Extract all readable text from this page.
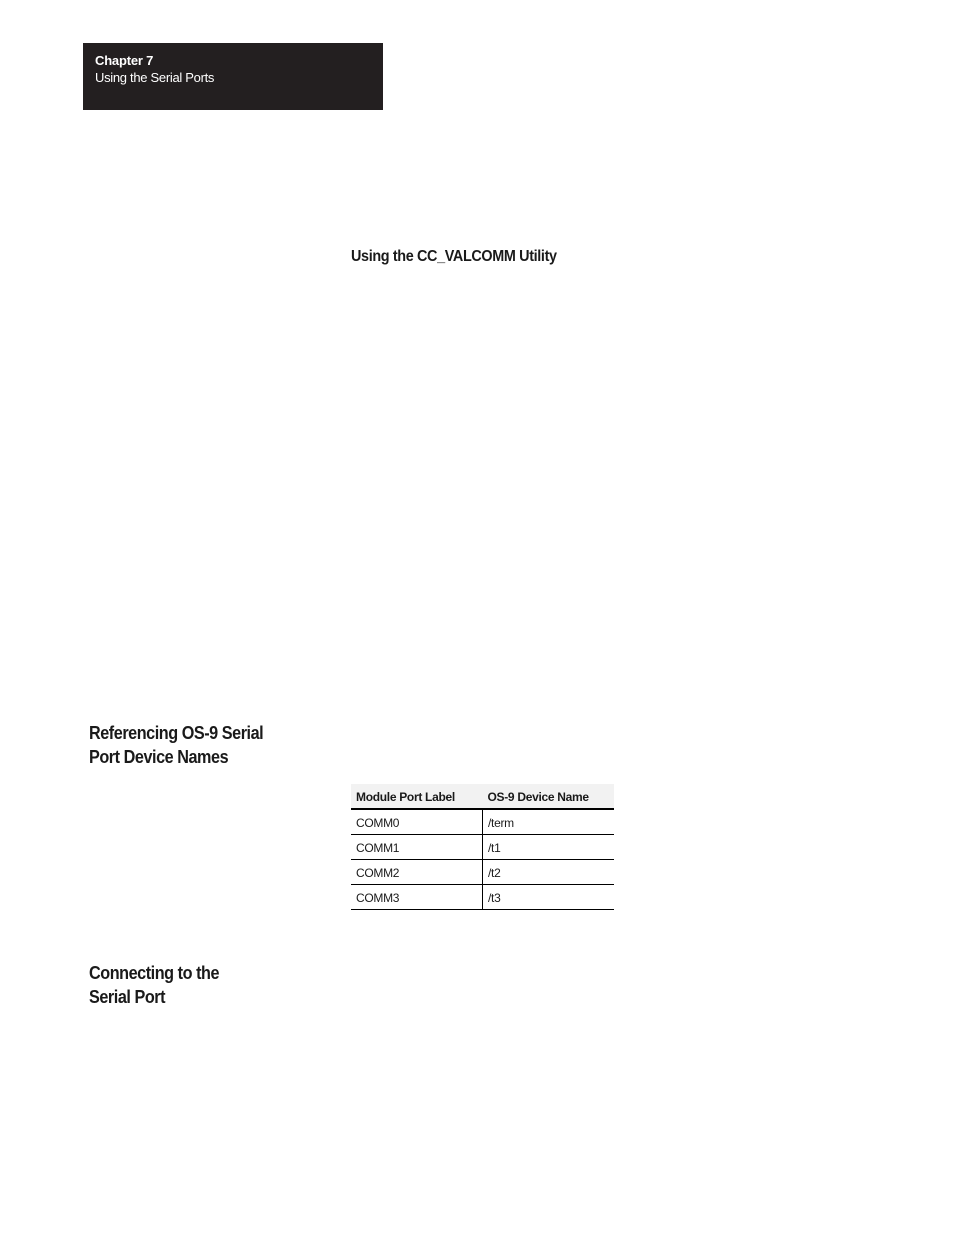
Chapter 7
Using the Serial Ports
Using the CC_VALCOMM Utility
Referencing OS-9 Serial
Port Device Names
Module Port Label	OS-9 Device Name
COMM0	/term
COMM1	/t1
COMM2	/t2
COMM3	/t3
Connecting to the
Serial Port
